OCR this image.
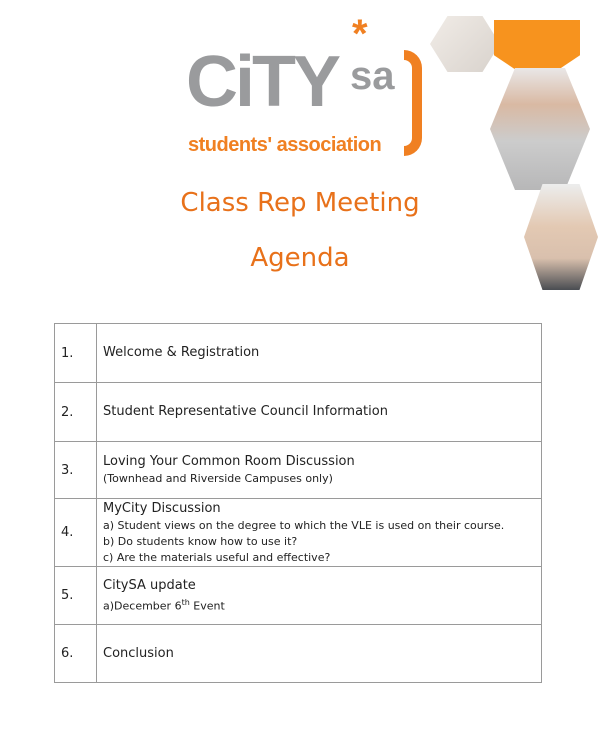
CiTY
*
sa
students' association
Class Rep Meeting
Agenda
1.	Welcome & Registration

2.	Student Representative Council Information

3.	Loving Your Common Room Discussion
(Townhead and Riverside Campuses only)

4.	MyCity Discussion
a) Student views on the degree to which the VLE is used on their course.
b) Do students know how to use it?
c) Are the materials useful and effective?

5.	CitySA update
a)December 6th Event

6.	Conclusion
